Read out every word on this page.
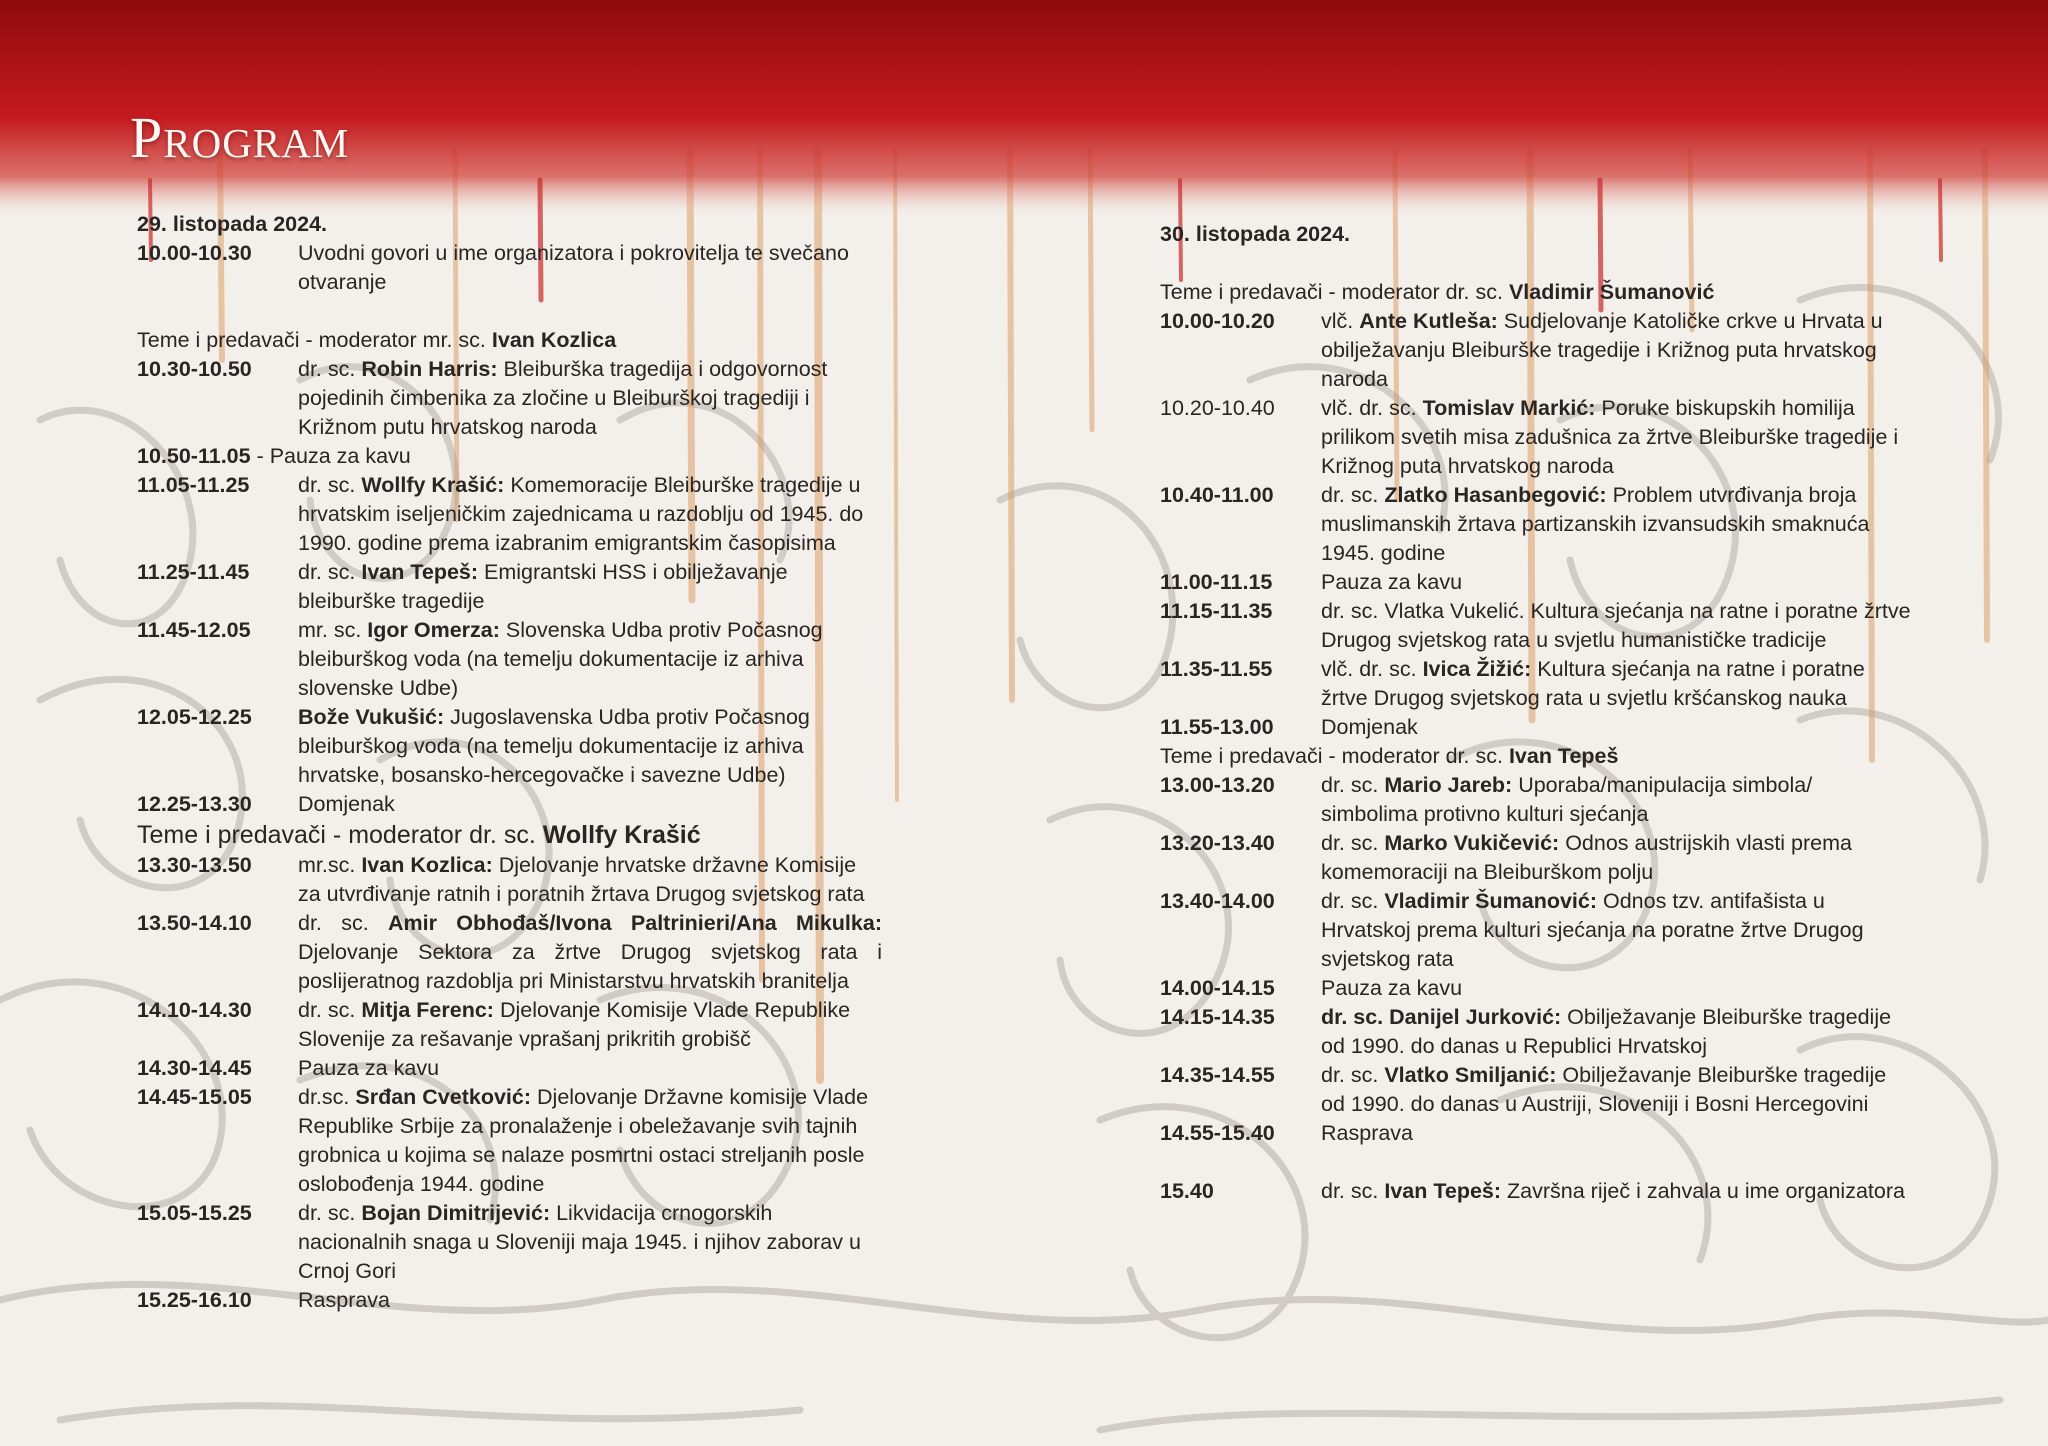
Program
29. listopada 2024.
10.00-10.30	Uvodni govori u ime organizatora i pokrovitelja te svečano otvaranje
Teme i predavači - moderator mr. sc. Ivan Kozlica
10.30-10.50	dr. sc. Robin Harris: Bleiburška tragedija i odgovornost pojedinih čimbenika za zločine u Bleiburškoj tragediji i Križnom putu hrvatskog naroda
10.50-11.05 - Pauza za kavu
11.05-11.25	dr. sc. Wollfy Krašić: Komemoracije Bleiburške tragedije u hrvatskim iseljeničkim zajednicama u razdoblju od 1945. do 1990. godine prema izabranim emigrantskim časopisima
11.25-11.45	dr. sc. Ivan Tepeš: Emigrantski HSS i obilježavanje bleiburške tragedije
11.45-12.05	mr. sc. Igor Omerza: Slovenska Udba protiv Počasnog bleiburškog voda (na temelju dokumentacije iz arhiva slovenske Udbe)
12.05-12.25	Bože Vukušić: Jugoslavenska Udba protiv Počasnog bleiburškog voda (na temelju dokumentacije iz arhiva hrvatske, bosansko-hercegovačke i savezne Udbe)
12.25-13.30	Domjenak
Teme i predavači - moderator dr. sc. Wollfy Krašić
13.30-13.50	mr.sc. Ivan Kozlica: Djelovanje hrvatske državne Komisije za utvrđivanje ratnih i poratnih žrtava Drugog svjetskog rata
13.50-14.10	dr. sc. Amir Obhođaš/Ivona Paltrinieri/Ana Mikulka: Djelovanje Sektora za žrtve Drugog svjetskog rata i poslijeratnog razdoblja pri Ministarstvu hrvatskih branitelja
14.10-14.30	dr. sc. Mitja Ferenc: Djelovanje Komisije Vlade Republike Slovenije za rešavanje vprašanj prikritih grobišč
14.30-14.45	Pauza za kavu
14.45-15.05	dr.sc. Srđan Cvetković: Djelovanje Državne komisije Vlade Republike Srbije za pronalaženje i obeležavanje svih tajnih grobnica u kojima se nalaze posmrtni ostaci streljanih posle oslobođenja 1944. godine
15.05-15.25	dr. sc. Bojan Dimitrijević: Likvidacija crnogorskih nacionalnih snaga u Sloveniji maja 1945. i njihov zaborav u Crnoj Gori
15.25-16.10	Rasprava
30. listopada 2024.
Teme i predavači - moderator dr. sc. Vladimir Šumanović
10.00-10.20	vlč. Ante Kutleša: Sudjelovanje Katoličke crkve u Hrvata u obilježavanju Bleiburške tragedije i Križnog puta hrvatskog naroda
10.20-10.40	vlč. dr. sc. Tomislav Markić: Poruke biskupskih homilija prilikom svetih misa zadušnica za žrtve Bleiburške tragedije i Križnog puta hrvatskog naroda
10.40-11.00	dr. sc. Zlatko Hasanbegović: Problem utvrđivanja broja muslimanskih žrtava partizanskih izvansudskih smaknuća 1945. godine
11.00-11.15	Pauza za kavu
11.15-11.35	dr. sc. Vlatka Vukelić. Kultura sjećanja na ratne i poratne žrtve Drugog svjetskog rata u svjetlu humanističke tradicije
11.35-11.55	vlč. dr. sc. Ivica Žižić: Kultura sjećanja na ratne i poratne žrtve Drugog svjetskog rata u svjetlu kršćanskog nauka
11.55-13.00	Domjenak
Teme i predavači - moderator dr. sc. Ivan Tepeš
13.00-13.20	dr. sc. Mario Jareb: Uporaba/manipulacija simbola/ simbolima protivno kulturi sjećanja
13.20-13.40	dr. sc. Marko Vukičević: Odnos austrijskih vlasti prema komemoraciji na Bleiburškom polju
13.40-14.00	dr. sc. Vladimir Šumanović: Odnos tzv. antifašista u Hrvatskoj prema kulturi sjećanja na poratne žrtve Drugog svjetskog rata
14.00-14.15	Pauza za kavu
14.15-14.35	dr. sc. Danijel Jurković: Obilježavanje Bleiburške tragedije od 1990. do danas u Republici Hrvatskoj
14.35-14.55	dr. sc. Vlatko Smiljanić: Obilježavanje Bleiburške tragedije od 1990. do danas u Austriji, Sloveniji i Bosni Hercegovini
14.55-15.40	Rasprava
15.40	dr. sc. Ivan Tepeš: Završna riječ i zahvala u ime organizatora
